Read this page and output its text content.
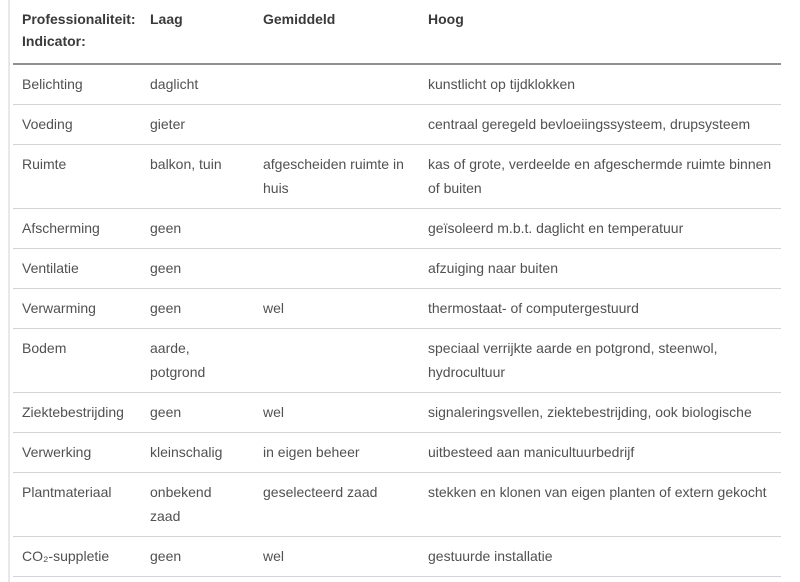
Professionaliteit:
Indicator:	Laag	Gemiddeld	Hoog
Belichting	daglicht		kunstlicht op tijdklokken
Voeding	gieter		centraal geregeld bevloeiingssysteem, drupsysteem
Ruimte	balkon, tuin	afgescheiden ruimte in huis	kas of grote, verdeelde en afgeschermde ruimte binnen of buiten
Afscherming	geen		geïsoleerd m.b.t. daglicht en temperatuur
Ventilatie	geen		afzuiging naar buiten
Verwarming	geen	wel	thermostaat- of computergestuurd
Bodem	aarde, potgrond		speciaal verrijkte aarde en potgrond, steenwol, hydrocultuur
Ziektebestrijding	geen	wel	signaleringsvellen, ziektebestrijding, ook biologische
Verwerking	kleinschalig	in eigen beheer	uitbesteed aan manicultuurbedrijf
Plantmateriaal	onbekend zaad	geselecteerd zaad	stekken en klonen van eigen planten of extern gekocht
CO₂-suppletie	geen	wel	gestuurde installatie
